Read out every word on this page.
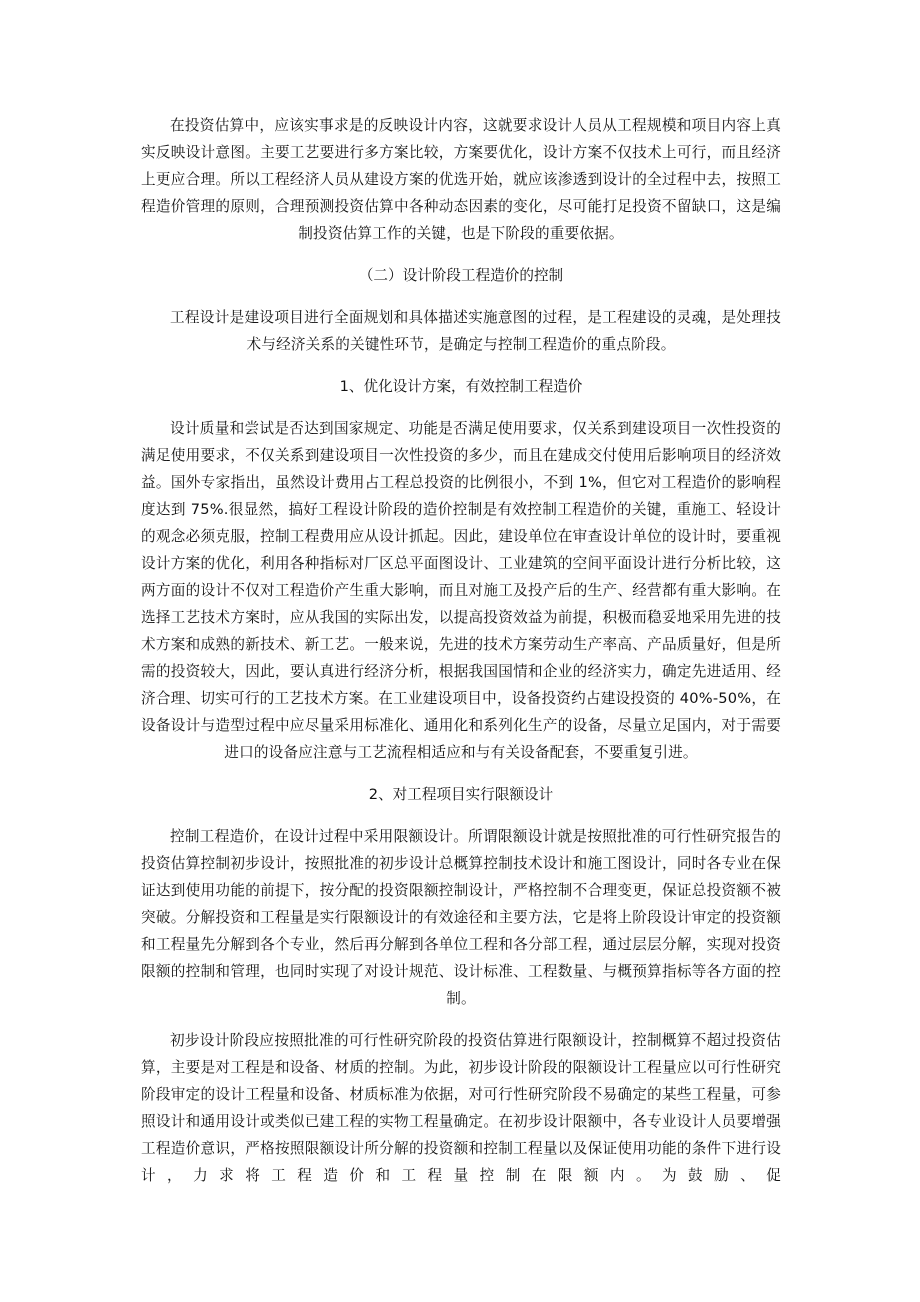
在投资估算中，应该实事求是的反映设计内容，这就要求设计人员从工程规模和项目内容上真实反映设计意图。主要工艺要进行多方案比较，方案要优化，设计方案不仅技术上可行，而且经济上更应合理。所以工程经济人员从建设方案的优选开始，就应该渗透到设计的全过程中去，按照工程造价管理的原则，合理预测投资估算中各种动态因素的变化，尽可能打足投资不留缺口，这是编制投资估算工作的关键，也是下阶段的重要依据。

（二）设计阶段工程造价的控制

工程设计是建设项目进行全面规划和具体描述实施意图的过程，是工程建设的灵魂，是处理技术与经济关系的关键性环节，是确定与控制工程造价的重点阶段。

1、优化设计方案，有效控制工程造价

设计质量和尝试是否达到国家规定、功能是否满足使用要求，仅关系到建设项目一次性投资的满足使用要求，不仅关系到建设项目一次性投资的多少，而且在建成交付使用后影响项目的经济效益。国外专家指出，虽然设计费用占工程总投资的比例很小，不到 1%，但它对工程造价的影响程度达到 75%.很显然，搞好工程设计阶段的造价控制是有效控制工程造价的关键，重施工、轻设计的观念必须克服，控制工程费用应从设计抓起。因此，建设单位在审查设计单位的设计时，要重视设计方案的优化，利用各种指标对厂区总平面图设计、工业建筑的空间平面设计进行分析比较，这两方面的设计不仅对工程造价产生重大影响，而且对施工及投产后的生产、经营都有重大影响。在选择工艺技术方案时，应从我国的实际出发，以提高投资效益为前提，积极而稳妥地采用先进的技术方案和成熟的新技术、新工艺。一般来说，先进的技术方案劳动生产率高、产品质量好，但是所需的投资较大，因此，要认真进行经济分析，根据我国国情和企业的经济实力，确定先进适用、经济合理、切实可行的工艺技术方案。在工业建设项目中，设备投资约占建设投资的 40%-50%，在设备设计与造型过程中应尽量采用标准化、通用化和系列化生产的设备，尽量立足国内，对于需要进口的设备应注意与工艺流程相适应和与有关设备配套，不要重复引进。

2、对工程项目实行限额设计

控制工程造价，在设计过程中采用限额设计。所谓限额设计就是按照批准的可行性研究报告的投资估算控制初步设计，按照批准的初步设计总概算控制技术设计和施工图设计，同时各专业在保证达到使用功能的前提下，按分配的投资限额控制设计，严格控制不合理变更，保证总投资额不被突破。分解投资和工程量是实行限额设计的有效途径和主要方法，它是将上阶段设计审定的投资额和工程量先分解到各个专业，然后再分解到各单位工程和各分部工程，通过层层分解，实现对投资限额的控制和管理，也同时实现了对设计规范、设计标准、工程数量、与概预算指标等各方面的控制。

初步设计阶段应按照批准的可行性研究阶段的投资估算进行限额设计，控制概算不超过投资估算，主要是对工程是和设备、材质的控制。为此，初步设计阶段的限额设计工程量应以可行性研究阶段审定的设计工程量和设备、材质标准为依据，对可行性研究阶段不易确定的某些工程量，可参照设计和通用设计或类似已建工程的实物工程量确定。在初步设计限额中，各专业设计人员要增强工程造价意识，严格按照限额设计所分解的投资额和控制工程量以及保证使用功能的条件下进行设计，力求将工程造价和工程量控制在限额内。为鼓励、促
